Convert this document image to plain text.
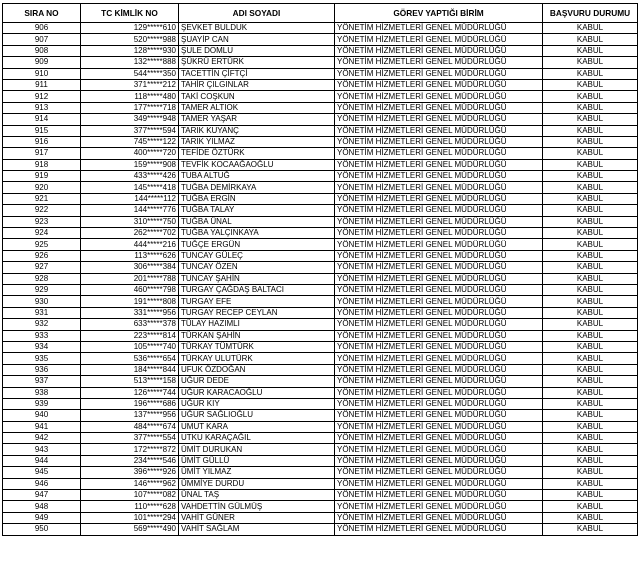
SIRA NO	TC KİMLİK NO	ADI SOYADI	GÖREV YAPTIĞI BİRİM	BAŞVURU DURUMU
906	129*****610	ŞEVKET BULDUK	YÖNETİM HİZMETLERİ GENEL MÜDÜRLÜĞÜ	KABUL
907	520*****988	ŞUAYİP CAN	YÖNETİM HİZMETLERİ GENEL MÜDÜRLÜĞÜ	KABUL
908	128*****930	ŞULE DOMLU	YÖNETİM HİZMETLERİ GENEL MÜDÜRLÜĞÜ	KABUL
909	132*****888	ŞÜKRÜ ERTÜRK	YÖNETİM HİZMETLERİ GENEL MÜDÜRLÜĞÜ	KABUL
910	544*****350	TACETTİN ÇİFTÇİ	YÖNETİM HİZMETLERİ GENEL MÜDÜRLÜĞÜ	KABUL
911	371*****212	TAHİR ÇILGINLAR	YÖNETİM HİZMETLERİ GENEL MÜDÜRLÜĞÜ	KABUL
912	118*****480	TAKİ COŞKUN	YÖNETİM HİZMETLERİ GENEL MÜDÜRLÜĞÜ	KABUL
913	177*****718	TAMER ALTIOK	YÖNETİM HİZMETLERİ GENEL MÜDÜRLÜĞÜ	KABUL
914	349*****948	TAMER YAŞAR	YÖNETİM HİZMETLERİ GENEL MÜDÜRLÜĞÜ	KABUL
915	377*****594	TARIK KUYANÇ	YÖNETİM HİZMETLERİ GENEL MÜDÜRLÜĞÜ	KABUL
916	745*****122	TARIK YILMAZ	YÖNETİM HİZMETLERİ GENEL MÜDÜRLÜĞÜ	KABUL
917	400*****720	TEFİDE ÖZTÜRK	YÖNETİM HİZMETLERİ GENEL MÜDÜRLÜĞÜ	KABUL
918	159*****908	TEVFİK KOCAAĞAOĞLU	YÖNETİM HİZMETLERİ GENEL MÜDÜRLÜĞÜ	KABUL
919	433*****426	TUBA ALTUĞ	YÖNETİM HİZMETLERİ GENEL MÜDÜRLÜĞÜ	KABUL
920	145*****418	TUĞBA DEMİRKAYA	YÖNETİM HİZMETLERİ GENEL MÜDÜRLÜĞÜ	KABUL
921	144*****112	TUĞBA ERGİN	YÖNETİM HİZMETLERİ GENEL MÜDÜRLÜĞÜ	KABUL
922	144*****776	TUĞBA TALAY	YÖNETİM HİZMETLERİ GENEL MÜDÜRLÜĞÜ	KABUL
923	310*****750	TUĞBA ÜNAL	YÖNETİM HİZMETLERİ GENEL MÜDÜRLÜĞÜ	KABUL
924	262*****702	TUĞBA YALÇINKAYA	YÖNETİM HİZMETLERİ GENEL MÜDÜRLÜĞÜ	KABUL
925	444*****216	TUĞÇE ERGÜN	YÖNETİM HİZMETLERİ GENEL MÜDÜRLÜĞÜ	KABUL
926	113*****626	TUNCAY GÜLEÇ	YÖNETİM HİZMETLERİ GENEL MÜDÜRLÜĞÜ	KABUL
927	306*****384	TUNCAY ÖZEN	YÖNETİM HİZMETLERİ GENEL MÜDÜRLÜĞÜ	KABUL
928	201*****788	TUNCAY ŞAHİN	YÖNETİM HİZMETLERİ GENEL MÜDÜRLÜĞÜ	KABUL
929	460*****798	TURGAY ÇAĞDAŞ BALTACI	YÖNETİM HİZMETLERİ GENEL MÜDÜRLÜĞÜ	KABUL
930	191*****808	TURGAY EFE	YÖNETİM HİZMETLERİ GENEL MÜDÜRLÜĞÜ	KABUL
931	331*****956	TURGAY RECEP CEYLAN	YÖNETİM HİZMETLERİ GENEL MÜDÜRLÜĞÜ	KABUL
932	633*****378	TÜLAY HAZIMLI	YÖNETİM HİZMETLERİ GENEL MÜDÜRLÜĞÜ	KABUL
933	223*****814	TÜRKAN ŞAHİN	YÖNETİM HİZMETLERİ GENEL MÜDÜRLÜĞÜ	KABUL
934	105*****740	TÜRKAY TÜMTÜRK	YÖNETİM HİZMETLERİ GENEL MÜDÜRLÜĞÜ	KABUL
935	536*****654	TÜRKAY ULUTÜRK	YÖNETİM HİZMETLERİ GENEL MÜDÜRLÜĞÜ	KABUL
936	184*****844	UFUK ÖZDOĞAN	YÖNETİM HİZMETLERİ GENEL MÜDÜRLÜĞÜ	KABUL
937	513*****158	UĞUR DEDE	YÖNETİM HİZMETLERİ GENEL MÜDÜRLÜĞÜ	KABUL
938	126*****744	UĞUR KARACAOĞLU	YÖNETİM HİZMETLERİ GENEL MÜDÜRLÜĞÜ	KABUL
939	196*****686	UĞUR KIY	YÖNETİM HİZMETLERİ GENEL MÜDÜRLÜĞÜ	KABUL
940	137*****956	UĞUR SAĞLIOĞLU	YÖNETİM HİZMETLERİ GENEL MÜDÜRLÜĞÜ	KABUL
941	484*****674	UMUT KARA	YÖNETİM HİZMETLERİ GENEL MÜDÜRLÜĞÜ	KABUL
942	377*****554	UTKU KARAÇAĞIL	YÖNETİM HİZMETLERİ GENEL MÜDÜRLÜĞÜ	KABUL
943	172*****872	ÜMİT DURUKAN	YÖNETİM HİZMETLERİ GENEL MÜDÜRLÜĞÜ	KABUL
944	234*****546	ÜMİT GÜLLÜ	YÖNETİM HİZMETLERİ GENEL MÜDÜRLÜĞÜ	KABUL
945	396*****926	ÜMİT YILMAZ	YÖNETİM HİZMETLERİ GENEL MÜDÜRLÜĞÜ	KABUL
946	146*****962	ÜMMİYE DURDU	YÖNETİM HİZMETLERİ GENEL MÜDÜRLÜĞÜ	KABUL
947	107*****082	ÜNAL TAŞ	YÖNETİM HİZMETLERİ GENEL MÜDÜRLÜĞÜ	KABUL
948	110*****628	VAHDETTİN GÜLMÜŞ	YÖNETİM HİZMETLERİ GENEL MÜDÜRLÜĞÜ	KABUL
949	101*****294	VAHİT GÜNER	YÖNETİM HİZMETLERİ GENEL MÜDÜRLÜĞÜ	KABUL
950	569*****490	VAHİT SAĞLAM	YÖNETİM HİZMETLERİ GENEL MÜDÜRLÜĞÜ	KABUL
